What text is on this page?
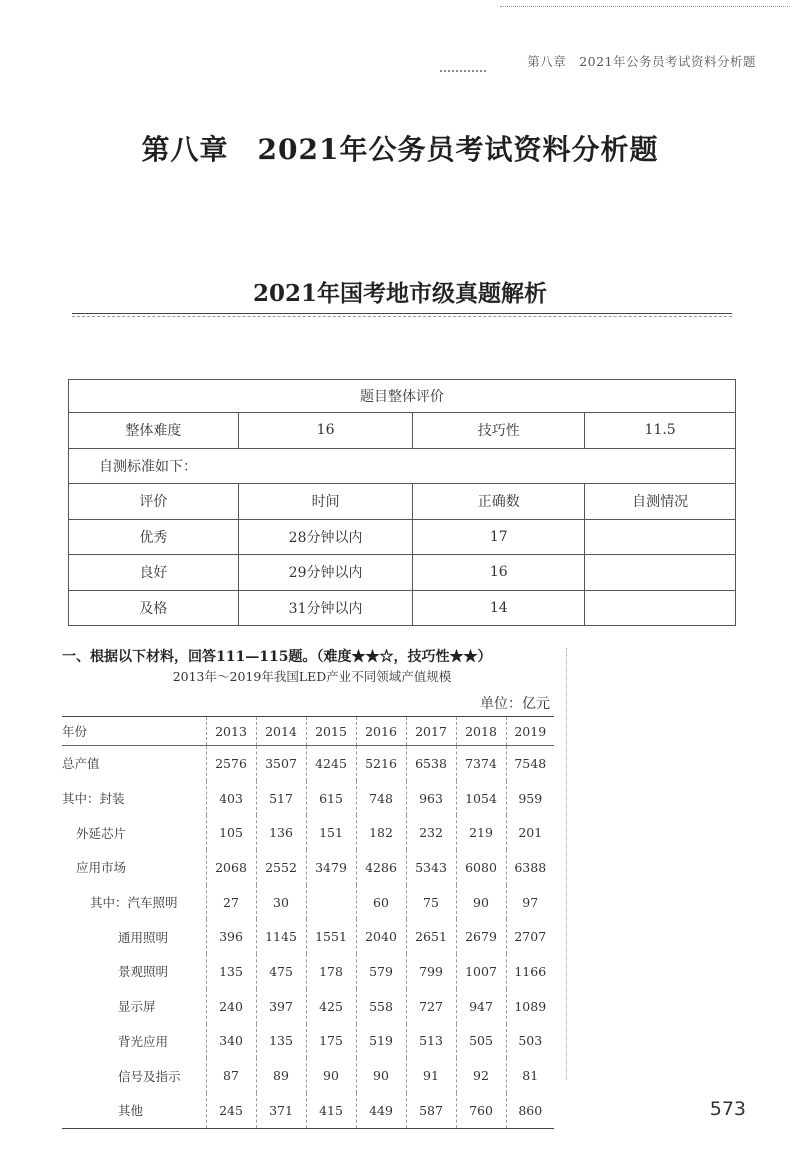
第八章　2021年公务员考试资料分析题
第八章　2021年公务员考试资料分析题
2021年国考地市级真题解析
题目整体评价			
整体难度	16	技巧性	11.5
自测标准如下：			
评价	时间	正确数	自测情况
优秀	28分钟以内	17	
良好	29分钟以内	16	
及格	31分钟以内	14	
一、根据以下材料，回答111—115题。（难度★★☆，技巧性★★）
2013年～2019年我国LED产业不同领域产值规模
单位：亿元
年份	2013	2014	2015	2016	2017	2018	2019
总产值	2576	3507	4245	5216	6538	7374	7548
其中：封装	403	517	615	748	963	1054	959
外延芯片	105	136	151	182	232	219	201
应用市场	2068	2552	3479	4286	5343	6080	6388
其中：汽车照明	27	30		60	75	90	97
通用照明	396	1145	1551	2040	2651	2679	2707
景观照明	135	475	178	579	799	1007	1166
显示屏	240	397	425	558	727	947	1089
背光应用	340	135	175	519	513	505	503
信号及指示	87	89	90	90	91	92	81
其他	245	371	415	449	587	760	860	573
